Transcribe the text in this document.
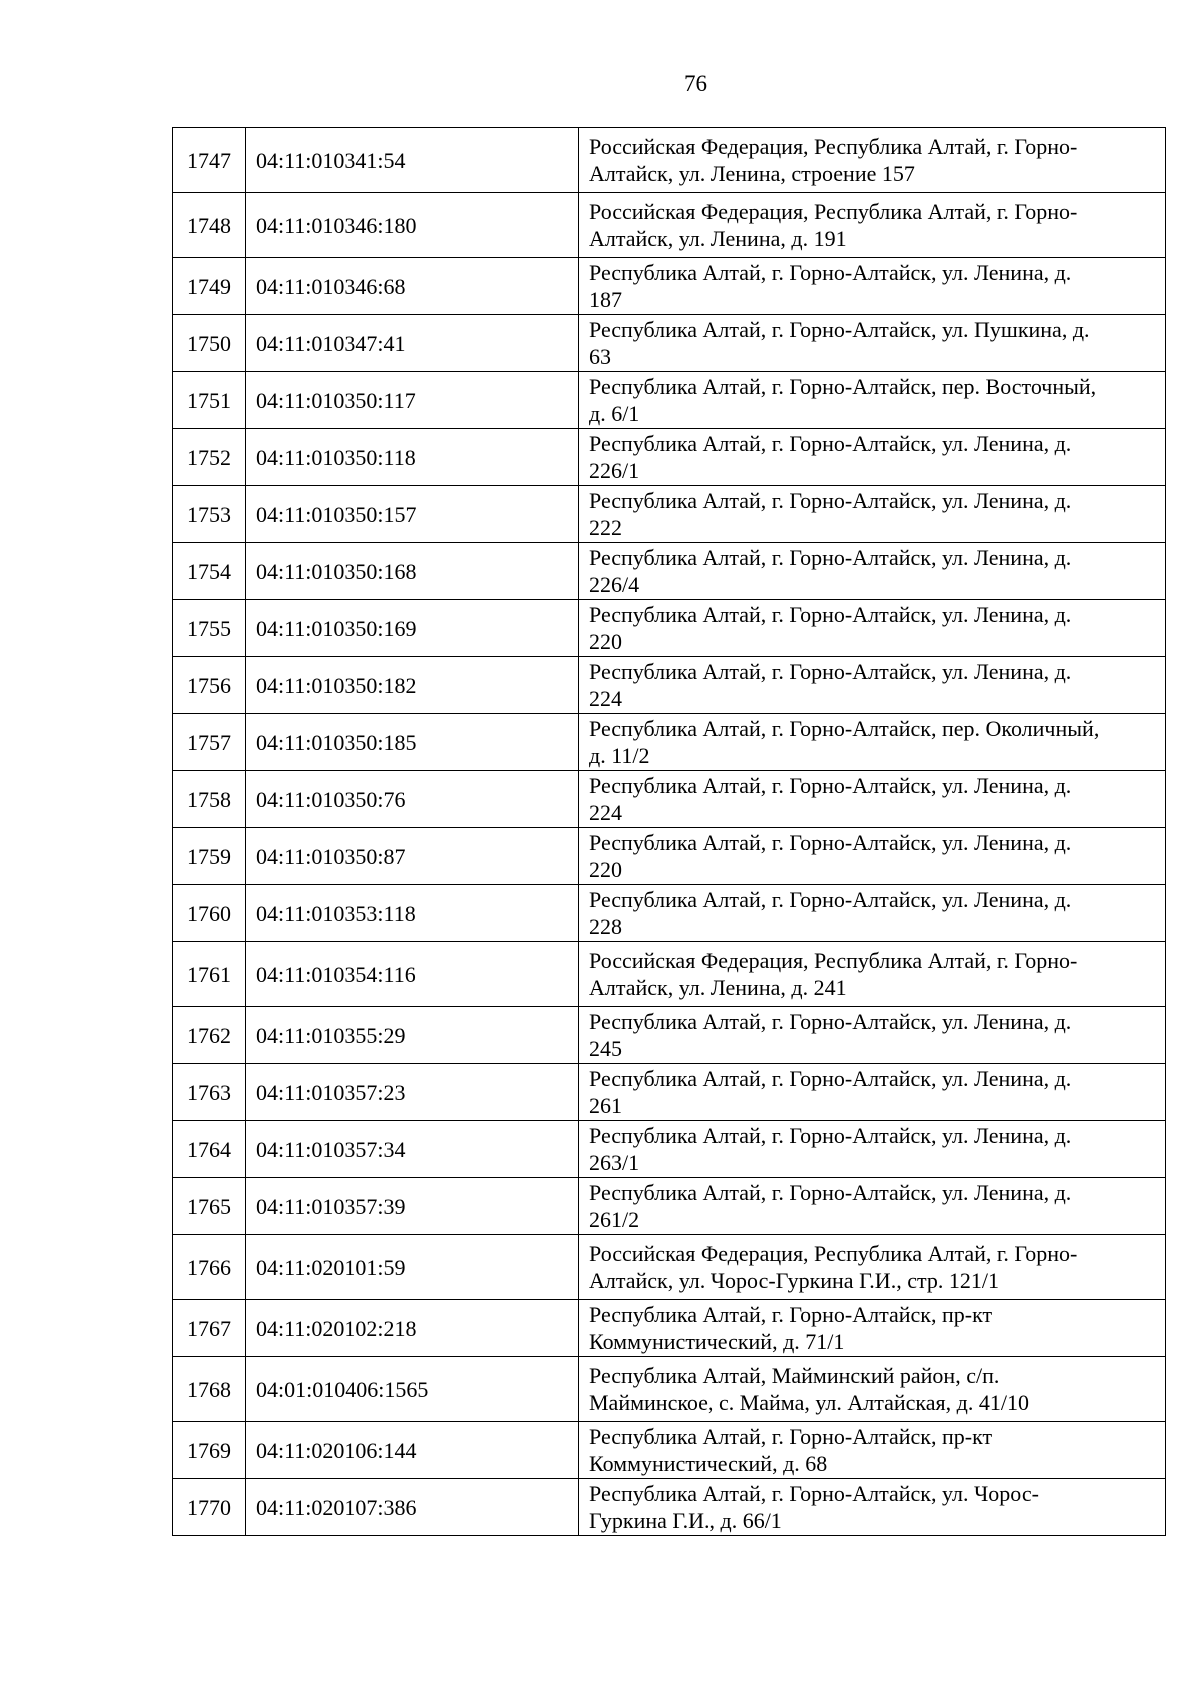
76
1747	04:11:010341:54	Российская Федерация, Республика Алтай, г. Горно-
Алтайск, ул. Ленина, строение 157

1748	04:11:010346:180	Российская Федерация, Республика Алтай, г. Горно-
Алтайск, ул. Ленина, д. 191

1749	04:11:010346:68	Республика Алтай, г. Горно-Алтайск, ул. Ленина, д.
187

1750	04:11:010347:41	Республика Алтай, г. Горно-Алтайск, ул. Пушкина, д.
63

1751	04:11:010350:117	Республика Алтай, г. Горно-Алтайск, пер. Восточный,
д. 6/1

1752	04:11:010350:118	Республика Алтай, г. Горно-Алтайск, ул. Ленина, д.
226/1

1753	04:11:010350:157	Республика Алтай, г. Горно-Алтайск, ул. Ленина, д.
222

1754	04:11:010350:168	Республика Алтай, г. Горно-Алтайск, ул. Ленина, д.
226/4

1755	04:11:010350:169	Республика Алтай, г. Горно-Алтайск, ул. Ленина, д.
220

1756	04:11:010350:182	Республика Алтай, г. Горно-Алтайск, ул. Ленина, д.
224

1757	04:11:010350:185	Республика Алтай, г. Горно-Алтайск, пер. Околичный,
д. 11/2

1758	04:11:010350:76	Республика Алтай, г. Горно-Алтайск, ул. Ленина, д.
224

1759	04:11:010350:87	Республика Алтай, г. Горно-Алтайск, ул. Ленина, д.
220

1760	04:11:010353:118	Республика Алтай, г. Горно-Алтайск, ул. Ленина, д.
228

1761	04:11:010354:116	Российская Федерация, Республика Алтай, г. Горно-
Алтайск, ул. Ленина, д. 241

1762	04:11:010355:29	Республика Алтай, г. Горно-Алтайск, ул. Ленина, д.
245

1763	04:11:010357:23	Республика Алтай, г. Горно-Алтайск, ул. Ленина, д.
261

1764	04:11:010357:34	Республика Алтай, г. Горно-Алтайск, ул. Ленина, д.
263/1

1765	04:11:010357:39	Республика Алтай, г. Горно-Алтайск, ул. Ленина, д.
261/2

1766	04:11:020101:59	Российская Федерация, Республика Алтай, г. Горно-
Алтайск, ул. Чорос-Гуркина Г.И., стр. 121/1

1767	04:11:020102:218	Республика Алтай, г. Горно-Алтайск, пр-кт
Коммунистический, д. 71/1

1768	04:01:010406:1565	Республика Алтай, Майминский район, с/п.
Майминское, с. Майма, ул. Алтайская, д. 41/10

1769	04:11:020106:144	Республика Алтай, г. Горно-Алтайск, пр-кт
Коммунистический, д. 68

1770	04:11:020107:386	Республика Алтай, г. Горно-Алтайск, ул. Чорос-
Гуркина Г.И., д. 66/1
